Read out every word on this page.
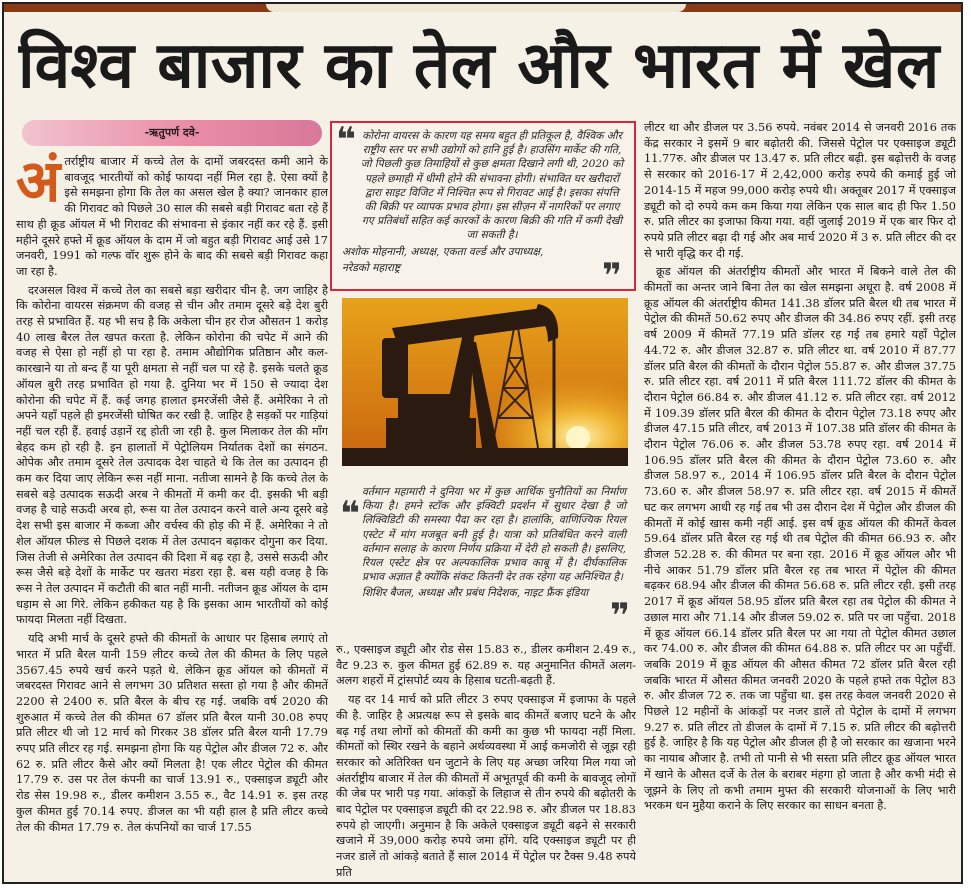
विश्व बाजार का तेल और भारत में खेल
-ऋतुपर्ण दवे-

अं तर्राष्ट्रीय बाजार में कच्चे तेल के दामों जबरदस्त कमी आने के बावजूद भारतीयों को कोई फायदा नहीं मिल रहा है. ऐसा क्यों है इसे समझना होगा कि तेल का असल खेल है क्या? जानकार हाल की गिरावट को पिछले 30 साल की सबसे बड़ी गिरावट बता रहे हैं साथ ही क्रूड ऑयल में भी गिरावट की संभावना से इंकार नहीं कर रहे हैं. इसी महीने दूसरे हफ्ते में क्रूड ऑयल के दाम में जो बहुत बड़ी गिरावट आई उसे 17 जनवरी, 1991 को गल्फ वॉर शुरू होने के बाद की सबसे बड़ी गिरावट कहा जा रहा है.

दरअसल विश्व में कच्चे तेल का सबसे बड़ा खरीदार चीन है. जग जाहिर है कि कोरोना वायरस संक्रमण की वजह से चीन और तमाम दूसरे बड़े देश बुरी तरह से प्रभावित हैं. यह भी सच है कि अकेला चीन हर रोज औसतन 1 करोड़ 40 लाख बैरल तेल खपत करता है. लेकिन कोरोना की चपेट में आने की वजह से ऐसा हो नहीं हो पा रहा है. तमाम औद्योगिक प्रतिष्ठान और कल-कारखाने या तो बन्द हैं या पूरी क्षमता से नहीं चल पा रहे है. इसके चलते क्रूड ऑयल बुरी तरह प्रभावित हो गया है. दुनिया भर में 150 से ज्यादा देश कोरोना की चपेट में हैं. कई जगह हालात इमरजेंसी जैसे हैं. अमेरिका ने तो अपने यहाँ पहले ही इमरजेंसी घोषित कर रखी है. जाहिर है सड़कों पर गाड़ियां नहीं चल रही हैं. हवाई उड़ानें रद्द होती जा रही है. कुल मिलाकर तेल की माँग बेहद कम हो रही है. इन हालातों में पेट्रोलियम निर्यातक देशों का संगठन. ओपेक और तमाम दूसरे तेल उत्पादक देश चाहते थे कि तेल का उत्पादन ही कम कर दिया जाए लेकिन रूस नहीं माना. नतीजा सामने है कि कच्चे तेल के सबसे बड़े उत्पादक सऊदी अरब ने कीमतों में कमी कर दी. इसकी भी बड़ी वजह है चाहे सऊदी अरब हो, रूस या तेल उत्पादन करने वाले अन्य दूसरे बड़े देश सभी इस बाजार में कब्जा और वर्चस्व की होड़ की में हैं. अमेरिका ने तो शेल ऑयल फील्ड से पिछले दशक में तेल उत्पादन बढ़ाकर दोगुना कर दिया. जिस तेजी से अमेरिका तेल उत्पादन की दिशा में बढ़ रहा है, उससे सऊदी और रूस जैसे बड़े देशों के मार्केट पर खतरा मंडरा रहा है. बस यही वजह है कि रूस ने तेल उत्पादन में कटौती की बात नहीं मानी. नतीजन क्रूड ऑयल के दाम धड़ाम से आ गिरे. लेकिन हकीकत यह है कि इसका आम भारतीयों को कोई फायदा मिलता नहीं दिखता.

यदि अभी मार्च के दूसरे हफ्ते की कीमतों के आधार पर हिसाब लगाएं तो भारत में प्रति बैरल यानी 159 लीटर कच्चे तेल की कीमत के लिए पहले 3567.45 रुपये खर्च करने पड़ते थे. लेकिन क्रूड ऑयल को कीमतों में जबरदस्त गिरावट आने से लगभग 30 प्रतिशत सस्ता हो गया है और कीमतें 2200 से 2400 रु. प्रति बैरल के बीच रह गई. जबकि वर्ष 2020 की शुरुआत में कच्चे तेल की कीमत 67 डॉलर प्रति बैरल यानी 30.08 रुपए प्रति लीटर थी जो 12 मार्च को गिरकर 38 डॉलर प्रति बैरल यानी 17.79 रुपए प्रति लीटर रह गई. समझना होगा कि यह पेट्रोल और डीजल 72 रु. और 62 रु. प्रति लीटर कैसे और क्यों मिलता है! एक लीटर पेट्रोल की कीमत 17.79 रु. उस पर तेल कंपनी का चार्ज 13.91 रु., एक्साइज ड्यूटी और रोड सेस 19.98 रु., डीलर कमीशन 3.55 रु., वैट 14.91 रु. इस तरह कुल कीमत हुई 70.14 रुपए. डीजल का भी यही हाल है प्रति लीटर कच्चे तेल की कीमत 17.79 रु. तेल कंपनियों का चार्ज 17.55

❝ कोरोना वायरस के कारण यह समय बहुत ही प्रतिकूल है, वैश्विक और राष्ट्रीय स्तर पर सभी उद्योगों को हानि हुई है। हाउसिंग मार्केट की गति, जो पिछली कुछ तिमाहियों से कुछ क्षमता दिखाने लगी थी, 2020 को पहले छमाही में धीमी होने की संभावना होगी। संभावित घर खरीदारों द्वारा साइट विजिट में निश्चित रूप से गिरावट आई है। इसका संपत्ति की बिक्री पर व्यापक प्रभाव होगा। इस सीज़न में नागरिकों पर लगाए गए प्रतिबंधों सहित कई कारकों के कारण बिक्री की गति में कमी देखी जा सकती है।

अशोक मोहनानी, अध्यक्ष, एकता वर्ल्ड और उपाध्यक्ष,

नरेडको महाराष्ट्र	❞
❝

वर्तमान महामारी ने दुनिया भर में कुछ आर्थिक चुनौतियों का निर्माण किया है। हमने स्टॉक और इक्विटी प्रदर्शन में सुधार देखा है जो लिक्विडिटी की समस्या पैदा कर रहा है। हालांकि, वाणिज्यिक रियल एस्टेट में मांग मजबूत बनी हुई है। यात्रा को प्रतिबंधित करने वाली वर्तमान सलाह के कारण निर्णय प्रक्रिया में देरी हो सकती है। इसलिए, रियल एस्टेट क्षेत्र पर अल्पकालिक प्रभाव काबू में है। दीर्घकालिक प्रभाव अज्ञात है क्योंकि संकट कितनी देर तक रहेगा यह अनिश्चित है।

शिशिर बैजल, अध्यक्ष और प्रबंध निदेशक, नाइट फ्रैंक इंडिया

❞

रु., एक्साइज ड्यूटी और रोड सेस 15.83 रु., डीलर कमीशन 2.49 रु., वैट 9.23 रु. कुल कीमत हुई 62.89 रु. यह अनुमानित कीमतें अलग-अलग शहरों में ट्रांसपोर्ट व्यय के हिसाब घटती-बढ़ती हैं.

यह दर 14 मार्च को प्रति लीटर 3 रुपए एक्साइज में इजाफा के पहले की है. जाहिर है अप्रत्यक्ष रूप से इसके बाद कीमतें बजाए घटने के और बढ़ गई तथा लोगों को कीमतों की कमी का कुछ भी फायदा नहीं मिला. कीमतों को स्थिर रखने के बहाने अर्थव्यवस्था में आई कमजोरी से जूझ रही सरकार को अतिरिक्त धन जुटाने के लिए यह अच्छा जरिया मिल गया जो अंतर्राष्ट्रीय बाजार में तेल की कीमतों में अभूतपूर्व की कमी के बावजूद लोगों की जेब पर भारी पड़ गया. आंकड़ों के लिहाज से तीन रुपये की बढ़ोतरी के बाद पेट्रोल पर एक्साइज ड्यूटी की दर 22.98 रु. और डीजल पर 18.83 रुपये हो जाएगी। अनुमान है कि अकेले एक्साइज ड्यूटी बढ़ने से सरकारी खजाने में 39,000 करोड़ रुपये जमा होंगे. यदि एक्साइज ड्यूटी पर ही नजर डालें तो आंकड़े बताते हैं साल 2014 में पेट्रोल पर टैक्स 9.48 रुपये प्रति

लीटर था और डीजल पर 3.56 रुपये. नवंबर 2014 से जनवरी 2016 तक केंद्र सरकार ने इसमें 9 बार बढ़ोतरी की. जिससे पेट्रोल पर एक्साइज ड्यूटी 11.77रु. और डीजल पर 13.47 रु. प्रति लीटर बढ़ी. इस बढ़ोत्तरी के वजह से सरकार को 2016-17 में 2,42,000 करोड़ रुपये की कमाई हुई जो 2014-15 में महज 99,000 करोड़ रुपये थी। अक्तूबर 2017 में एक्साइज ड्यूटी को दो रुपये कम कम किया गया लेकिन एक साल बाद ही फिर 1.50 रु. प्रति लीटर का इजाफा किया गया. वहीं जुलाई 2019 में एक बार फिर दो रुपये प्रति लीटर बढ़ा दी गई और अब मार्च 2020 में 3 रु. प्रति लीटर की दर से भारी वृद्धि कर दी गई.

क्रूड ऑयल की अंतर्राष्ट्रीय कीमतों और भारत में बिकने वाले तेल की कीमतों का अन्तर जाने बिना तेल का खेल समझना अधूरा है. वर्ष 2008 में क्रूड ऑयल की अंतर्राष्ट्रीय कीमत 141.38 डॉलर प्रति बैरल थी तब भारत में पेट्रोल की कीमतें 50.62 रुपए और डीजल की 34.86 रुपए रहीं. इसी तरह वर्ष 2009 में कीमतें 77.19 प्रति डॉलर रह गई तब हमारे यहाँ पेट्रोल 44.72 रु. और डीजल 32.87 रु. प्रति लीटर था. वर्ष 2010 में 87.77 डॉलर प्रति बैरल की कीमतों के दौरान पेट्रोल 55.87 रु. और डीजल 37.75 रु. प्रति लीटर रहा. वर्ष 2011 में प्रति बैरल 111.72 डॉलर की कीमत के दौरान पेट्रोल 66.84 रु. और डीजल 41.12 रु. प्रति लीटर रहा. वर्ष 2012 में 109.39 डॉलर प्रति बैरल की कीमत के दौरान पेट्रोल 73.18 रुपए और डीजल 47.15 प्रति लीटर, वर्ष 2013 में 107.38 प्रति डॉलर की कीमत के दौरान पेट्रोल 76.06 रु. और डीजल 53.78 रुपए रहा. वर्ष 2014 में 106.95 डॉलर प्रति बैरल की कीमत के दौरान पेट्रोल 73.60 रु. और डीजल 58.97 रु., 2014 में 106.95 डॉलर प्रति बैरल के दौरान पेट्रोल 73.60 रु. और डीजल 58.97 रु. प्रति लीटर रहा. वर्ष 2015 में कीमतें घट कर लगभग आधी रह गई तब भी उस दौरान देश में पेट्रोल और डीजल की कीमतों में कोई खास कमी नहीं आई. इस वर्ष क्रूड ऑयल की कीमतें केवल 59.64 डॉलर प्रति बैरल रह गई थी तब पेट्रोल की कीमत 66.93 रु. और डीजल 52.28 रु. की कीमत पर बना रहा. 2016 में क्रूड ऑयल और भी नीचे आकर 51.79 डॉलर प्रति बैरल रह तब भारत में पेट्रोल की कीमत बढ़कर 68.94 और डीजल की कीमत 56.68 रु. प्रति लीटर रही. इसी तरह 2017 में क्रूड ऑयल 58.95 डॉलर प्रति बैरल रहा तब पेट्रोल की कीमत ने उछाल मारा और 71.14 और डीजल 59.02 रु. प्रति पर जा पहुँचा. 2018 में क्रूड ऑयल 66.14 डॉलर प्रति बैरल पर आ गया तो पेट्रोल कीमत उछाल कर 74.00 रु. और डीजल की कीमत 64.88 रु. प्रति लीटर पर आ पहुँचीं. जबकि 2019 में क्रूड ऑयल की औसत कीमत 72 डॉलर प्रति बैरल रही जबकि भारत में औसत कीमत जनवरी 2020 के पहले हफ्ते तक पेट्रोल 83 रु. और डीजल 72 रु. तक जा पहुँचा था. इस तरह केवल जनवरी 2020 से पिछले 12 महीनों के आंकड़ों पर नजर डालें तो पेट्रोल के दामों में लगभग 9.27 रु. प्रति लीटर तो डीजल के दामों में 7.15 रु. प्रति लीटर की बढ़ोत्तरी हुई है. जाहिर है कि यह पेट्रोल और डीजल ही है जो सरकार का खजाना भरने का नायाब औजार है. तभी तो पानी से भी सस्ता प्रति लीटर क्रूड ऑयल भारत में खाने के औसत दर्जे के तेल के बराबर मंहगा हो जाता है और कभी मंदी से जूझने के लिए तो कभी तमाम मुफ्त की सरकारी योजनाओं के लिए भारी भरकम धन मुहैया कराने के लिए सरकार का साधन बनता है.
